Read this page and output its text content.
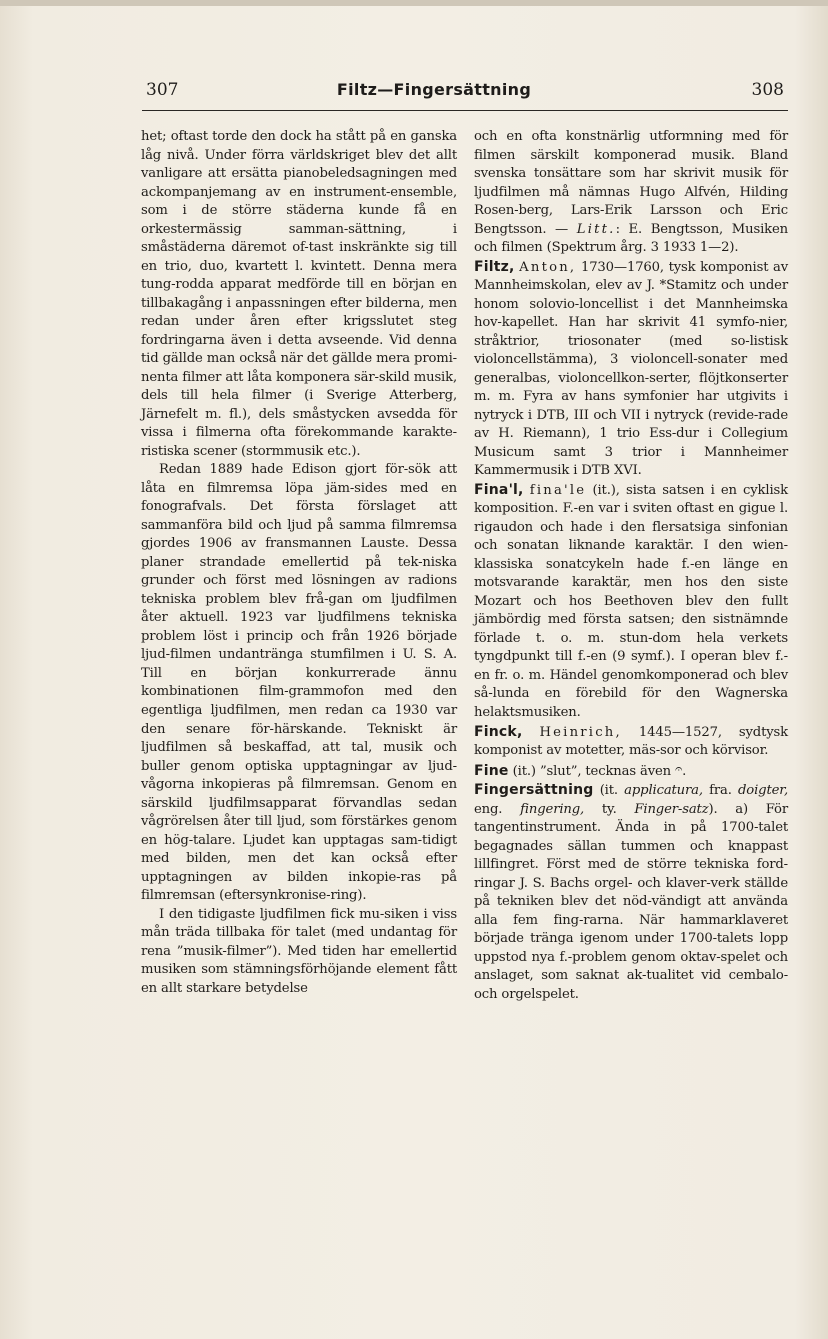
307	Filtz—Fingersättning	308

het; oftast torde den dock ha stått på en ganska låg nivå. Under förra världskriget blev det allt vanligare att ersätta pianobeledsagningen med ackompanjemang av en instrument-ensemble, som i de större städerna kunde få en orkestermässig samman-sättning, i småstäderna däremot of-tast inskränkte sig till en trio, duo, kvartett l. kvintett. Denna mera tung-rodda apparat medförde till en början en tillbakagång i anpassningen efter bilderna, men redan under åren efter krigsslutet steg fordringarna även i detta avseende. Vid denna tid gällde man också när det gällde mera promi-nenta filmer att låta komponera sär-skild musik, dels till hela filmer (i Sverige Atterberg, Järnefelt m. fl.), dels småstycken avsedda för vissa i filmerna ofta förekommande karakte-ristiska scener (stormmusik etc.).

Redan 1889 hade Edison gjort för-sök att låta en filmremsa löpa jäm-sides med en fonografvals. Det första förslaget att sammanföra bild och ljud på samma filmremsa gjordes 1906 av fransmannen Lauste. Dessa planer strandade emellertid på tek-niska grunder och först med lösningen av radions tekniska problem blev frå-gan om ljudfilmen åter aktuell. 1923 var ljudfilmens tekniska problem löst i princip och från 1926 började ljud-filmen undantränga stumfilmen i U. S. A. Till en början konkurrerade ännu kombinationen film-grammofon med den egentliga ljudfilmen, men redan ca 1930 var den senare för-härskande. Tekniskt är ljudfilmen så beskaffad, att tal, musik och buller genom optiska upptagningar av ljud-vågorna inkopieras på filmremsan. Genom en särskild ljudfilmsapparat förvandlas sedan vågrörelsen åter till ljud, som förstärkes genom en hög-talare. Ljudet kan upptagas sam-tidigt med bilden, men det kan också efter upptagningen av bilden inkopie-ras på filmremsan (eftersynkronise-ring).

I den tidigaste ljudfilmen fick mu-siken i viss mån träda tillbaka för talet (med undantag för rena ”musik-filmer”). Med tiden har emellertid musiken som stämningsförhöjande element fått en allt starkare betydelse

och en ofta konstnärlig utformning med för filmen särskilt komponerad musik. Bland svenska tonsättare som har skrivit musik för ljudfilmen må nämnas Hugo Alfvén, Hilding Rosen-berg, Lars-Erik Larsson och Eric Bengtsson. — Litt.: E. Bengtsson, Musiken och filmen (Spektrum årg. 3 1933 1—2).

Filtz, Anton, 1730—1760, tysk komponist av Mannheimskolan, elev av J. *Stamitz och under honom solovio-loncellist i det Mannheimska hov-kapellet. Han har skrivit 41 symfo-nier, stråktrior, triosonater (med so-listisk violoncellstämma), 3 violoncell-sonater med generalbas, violoncellkon-serter, flöjtkonserter m. m. Fyra av hans symfonier har utgivits i nytryck i DTB, III och VII i nytryck (revide-rade av H. Riemann), 1 trio Ess-dur i Collegium Musicum samt 3 trior i Mannheimer Kammermusik i DTB XVI.

Fina'l, fina'le (it.), sista satsen i en cyklisk komposition. F.-en var i sviten oftast en gigue l. rigaudon och hade i den flersatsiga sinfonian och sonatan liknande karaktär. I den wien-klassiska sonatcykeln hade f.-en länge en motsvarande karaktär, men hos den siste Mozart och hos Beethoven blev den fullt jämbördig med första satsen; den sistnämnde förlade t. o. m. stun-dom hela verkets tyngdpunkt till f.-en (9 symf.). I operan blev f.-en fr. o. m. Händel genomkomponerad och blev så-lunda en förebild för den Wagnerska helaktsmusiken.

Finck, Heinrich, 1445—1527, sydtysk komponist av motetter, mäs-sor och körvisor.

Fine (it.) ”slut”, tecknas även 𝄐.

Fingersättning (it. applicatura, fra. doigter, eng. fingering, ty. Finger-satz). a) För tangentinstrument. Ända in på 1700-talet begagnades sällan tummen och knappast lillfingret. Först med de större tekniska ford-ringar J. S. Bachs orgel- och klaver-verk ställde på tekniken blev det nöd-vändigt att använda alla fem fing-rarna. När hammarklaveret började tränga igenom under 1700-talets lopp uppstod nya f.-problem genom oktav-spelet och anslaget, som saknat ak-tualitet vid cembalo- och orgelspelet.
